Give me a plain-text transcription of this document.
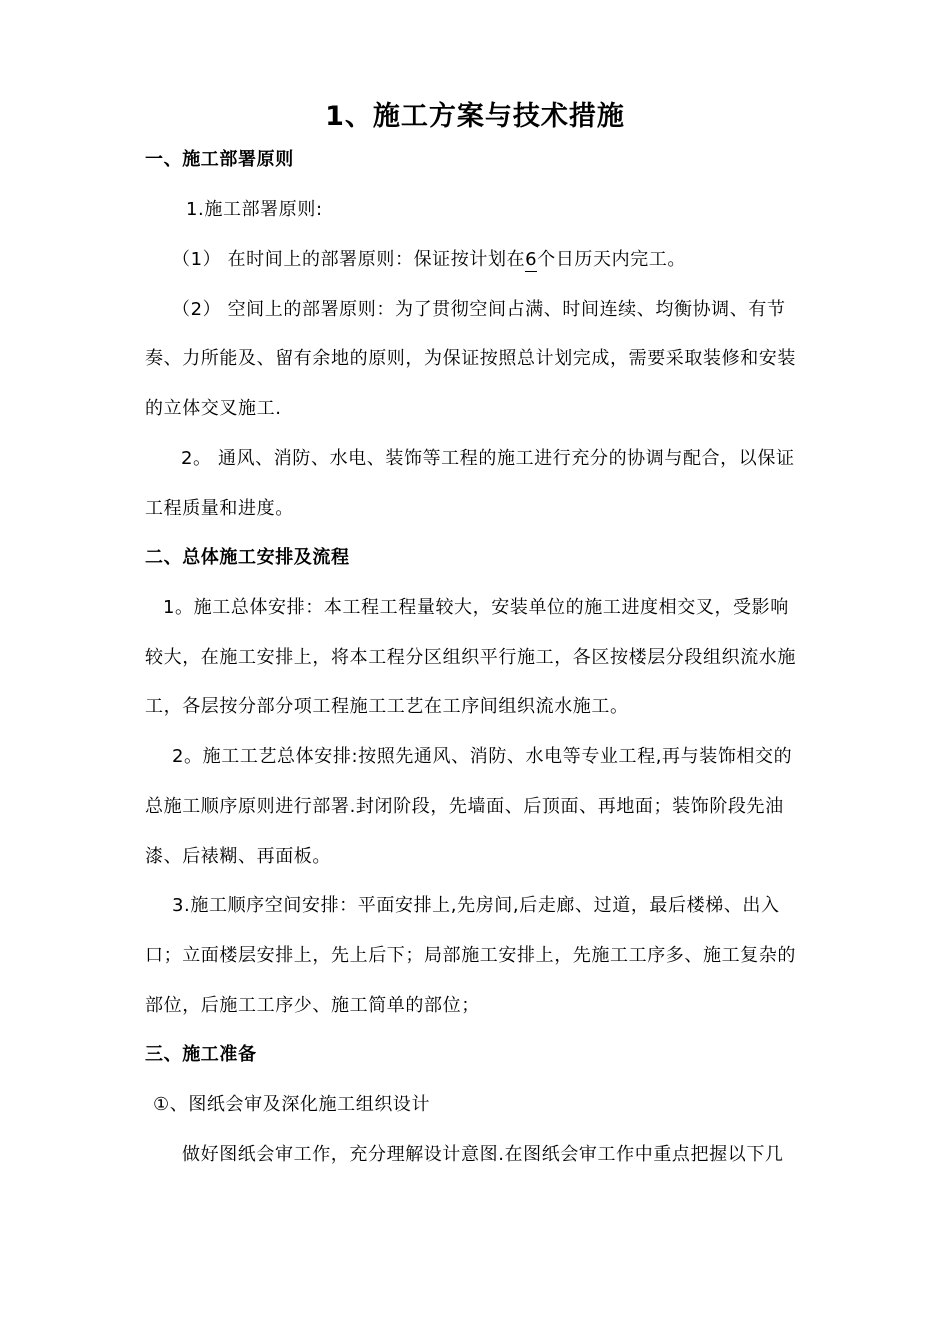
1、施工方案与技术措施
一、施工部署原则
1.施工部署原则:
（1） 在时间上的部署原则：保证按计划在6个日历天内完工。
（2） 空间上的部署原则：为了贯彻空间占满、时间连续、均衡协调、有节
奏、力所能及、留有余地的原则，为保证按照总计划完成，需要采取装修和安装
的立体交叉施工.
2。 通风、消防、水电、装饰等工程的施工进行充分的协调与配合，以保证
工程质量和进度。
二、总体施工安排及流程
1。施工总体安排：本工程工程量较大，安装单位的施工进度相交叉，受影响
较大，在施工安排上，将本工程分区组织平行施工，各区按楼层分段组织流水施
工，各层按分部分项工程施工工艺在工序间组织流水施工。
2。施工工艺总体安排:按照先通风、消防、水电等专业工程,再与装饰相交的
总施工顺序原则进行部署.封闭阶段，先墙面、后顶面、再地面；装饰阶段先油
漆、后裱糊、再面板。
3.施工顺序空间安排：平面安排上,先房间,后走廊、过道，最后楼梯、出入
口；立面楼层安排上，先上后下；局部施工安排上，先施工工序多、施工复杂的
部位，后施工工序少、施工简单的部位；
三、施工准备
①、图纸会审及深化施工组织设计
做好图纸会审工作，充分理解设计意图.在图纸会审工作中重点把握以下几
